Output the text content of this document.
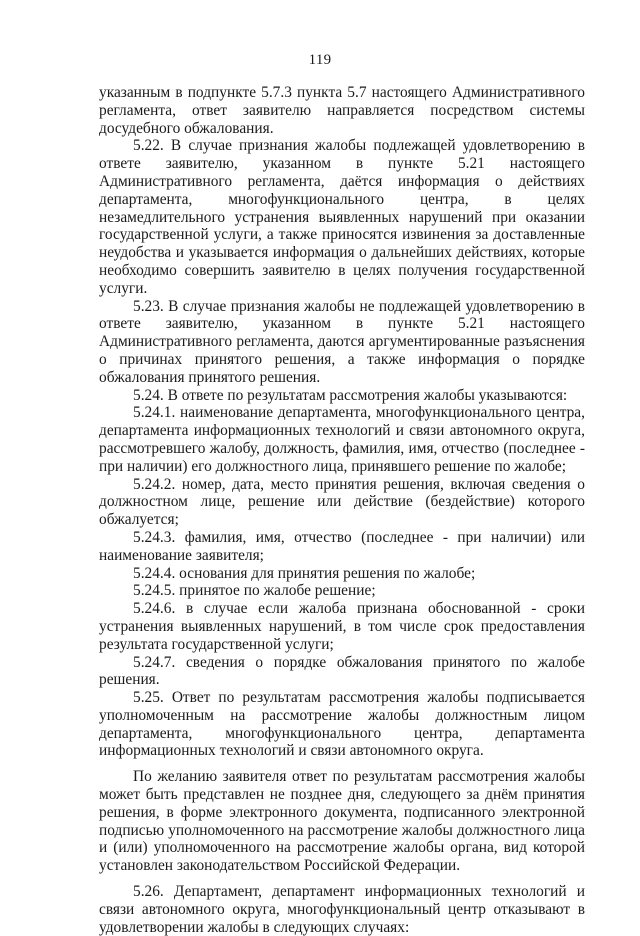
119

указанным в подпункте 5.7.3 пункта 5.7 настоящего Административного регламента, ответ заявителю направляется посредством системы досудебного обжалования.

5.22. В случае признания жалобы подлежащей удовлетворению в ответе заявителю, указанном в пункте 5.21 настоящего Административного регламента, даётся информация о действиях департамента, многофункционального центра, в целях незамедлительного устранения выявленных нарушений при оказании государственной услуги, а также приносятся извинения за доставленные неудобства и указывается информация о дальнейших действиях, которые необходимо совершить заявителю в целях получения государственной услуги.

5.23. В случае признания жалобы не подлежащей удовлетворению в ответе заявителю, указанном в пункте 5.21 настоящего Административного регламента, даются аргументированные разъяснения о причинах принятого решения, а также информация о порядке обжалования принятого решения.

5.24. В ответе по результатам рассмотрения жалобы указываются:

5.24.1. наименование департамента, многофункционального центра, департамента информационных технологий и связи автономного округа, рассмотревшего жалобу, должность, фамилия, имя, отчество (последнее - при наличии) его должностного лица, принявшего решение по жалобе;

5.24.2. номер, дата, место принятия решения, включая сведения о должностном лице, решение или действие (бездействие) которого обжалуется;

5.24.3. фамилия, имя, отчество (последнее - при наличии) или наименование заявителя;

5.24.4. основания для принятия решения по жалобе;

5.24.5. принятое по жалобе решение;

5.24.6. в случае если жалоба признана обоснованной - сроки устранения выявленных нарушений, в том числе срок предоставления результата государственной услуги;

5.24.7. сведения о порядке обжалования принятого по жалобе решения.

5.25. Ответ по результатам рассмотрения жалобы подписывается уполномоченным на рассмотрение жалобы должностным лицом департамента, многофункционального центра, департамента информационных технологий и связи автономного округа.

По желанию заявителя ответ по результатам рассмотрения жалобы может быть представлен не позднее дня, следующего за днём принятия решения, в форме электронного документа, подписанного электронной подписью уполномоченного на рассмотрение жалобы должностного лица и (или) уполномоченного на рассмотрение жалобы органа, вид которой установлен законодательством Российской Федерации.

5.26. Департамент, департамент информационных технологий и связи автономного округа, многофункциональный центр отказывают в удовлетворении жалобы в следующих случаях:
